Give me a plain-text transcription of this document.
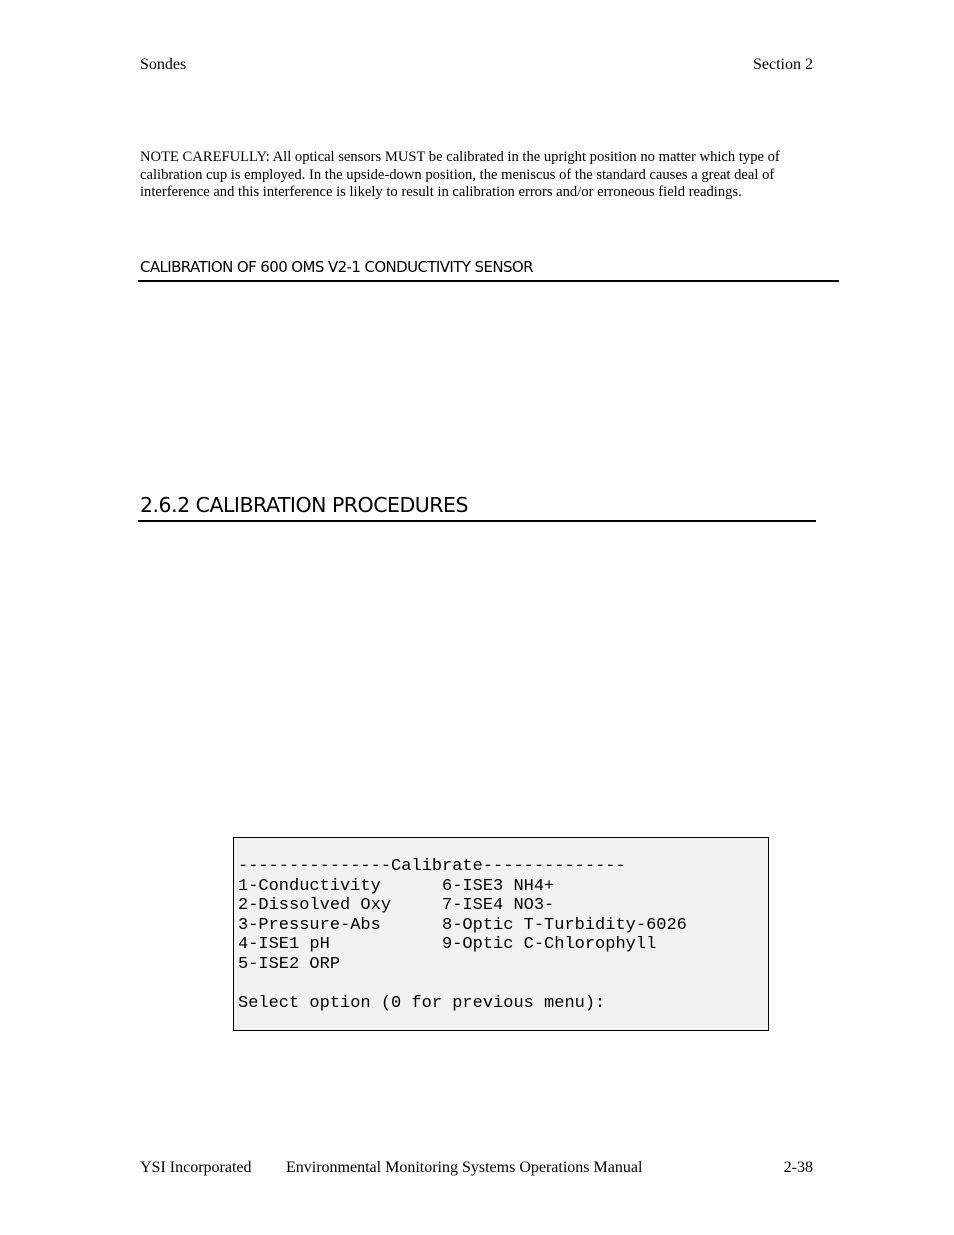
Sondes	Section 2
NOTE CAREFULLY: All optical sensors MUST be calibrated in the upright position no matter which type of calibration cup is employed. In the upside-down position, the meniscus of the standard causes a great deal of interference and this interference is likely to result in calibration errors and/or erroneous field readings.
CALIBRATION OF 600 OMS V2-1 CONDUCTIVITY SENSOR
2.6.2 CALIBRATION PROCEDURES
---------------Calibrate--------------
1-Conductivity      6-ISE3 NH4+
2-Dissolved Oxy     7-ISE4 NO3-
3-Pressure-Abs      8-Optic T-Turbidity-6026
4-ISE1 pH           9-Optic C-Chlorophyll
5-ISE2 ORP
Select option (0 for previous menu):
YSI Incorporated Environmental Monitoring Systems Operations Manual	2-38
